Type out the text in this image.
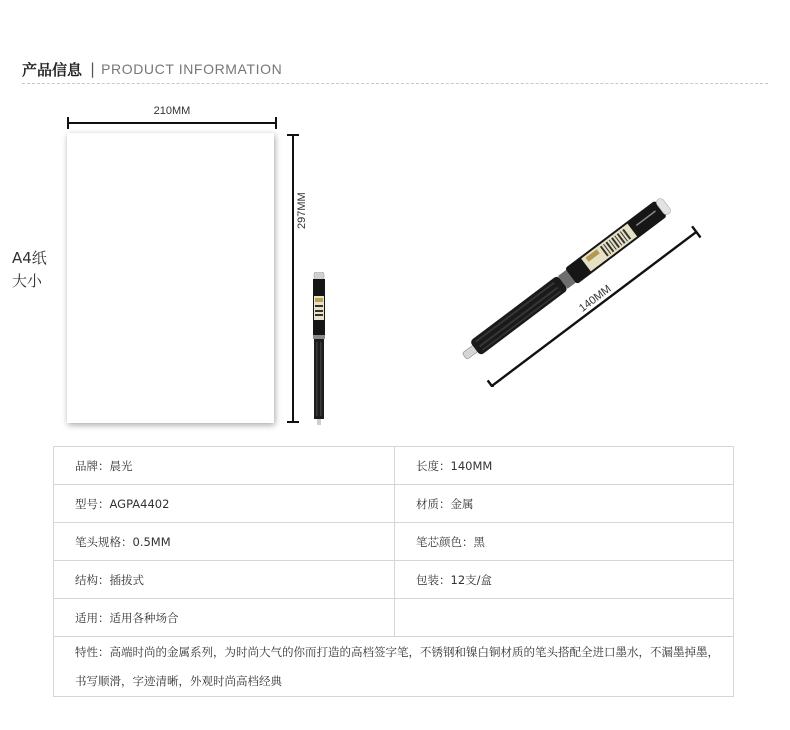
产品信息 | PRODUCT INFORMATION
A4纸
大小
210MM
297MM
140MM
品牌：晨光	长度：140MM
型号：AGPA4402	材质：金属
笔头规格：0.5MM	笔芯颜色：黑
结构：插拔式	包装：12支/盒
适用：适用各种场合	
特性：高端时尚的金属系列，为时尚大气的你而打造的高档签字笔，不锈钢和镍白铜材质的笔头搭配全进口墨水，不漏墨掉墨，书写顺滑，字迹清晰，外观时尚高档经典	
